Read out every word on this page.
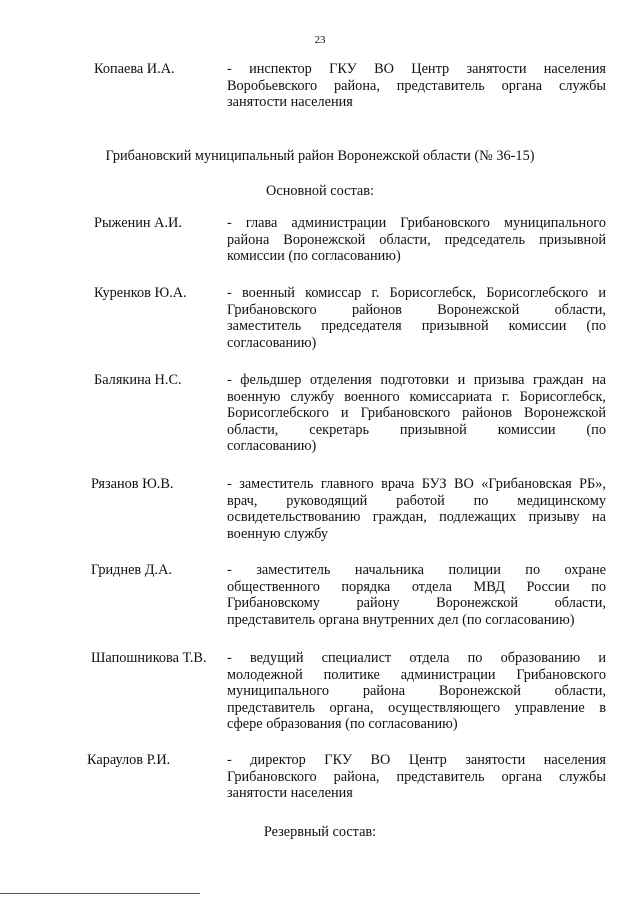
23
Копаева И.А.	- инспектор ГКУ ВО Центр занятости населения
Воробьевского района, представитель органа службы
занятости населения
Грибановский муниципальный район Воронежской области (№ 36-15)
Основной состав:
Рыженин А.И.	- глава администрации Грибановского муниципального
района Воронежской области, председатель призывной
комиссии (по согласованию)
Куренков Ю.А.	- военный комиссар г. Борисоглебск, Борисоглебского и
Грибановского районов Воронежской области,
заместитель председателя призывной комиссии (по
согласованию)
Балякина Н.С.	- фельдшер отделения подготовки и призыва граждан на
военную службу военного комиссариата г. Борисоглебск,
Борисоглебского и Грибановского районов Воронежской
области, секретарь призывной комиссии (по
согласованию)
Рязанов Ю.В.	- заместитель главного врача БУЗ ВО «Грибановская РБ»,
врач, руководящий работой по медицинскому
освидетельствованию граждан, подлежащих призыву на
военную службу
Гриднев Д.А.	- заместитель начальника полиции по охране
общественного порядка отдела МВД России по
Грибановскому району Воронежской области,
представитель органа внутренних дел (по согласованию)
Шапошникова Т.В. - ведущий специалист отдела по образованию и
молодежной политике администрации Грибановского
муниципального района Воронежской области,
представитель органа, осуществляющего управление в
сфере образования (по согласованию)
Караулов Р.И.	- директор ГКУ ВО Центр занятости населения
Грибановского района, представитель органа службы
занятости населения
Резервный состав:
